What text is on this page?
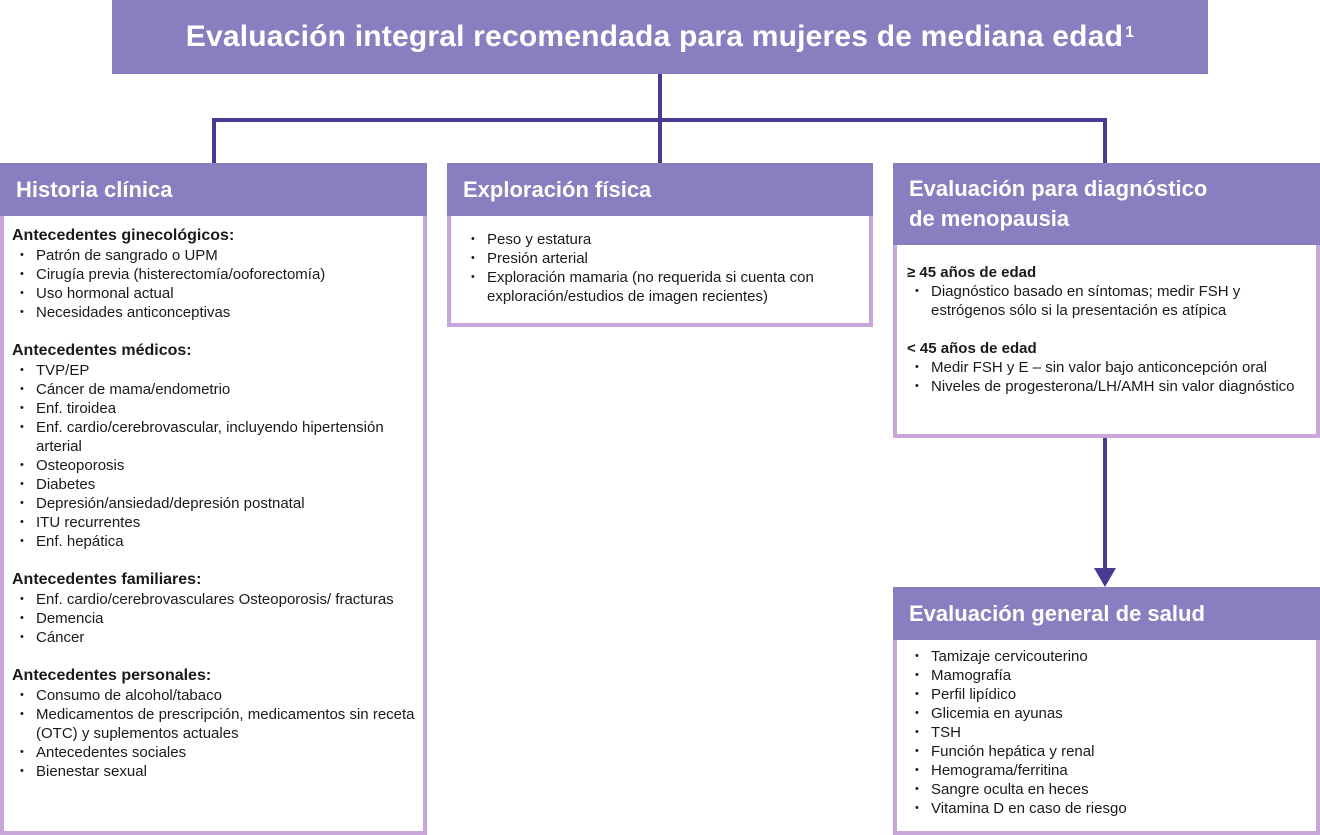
Evaluación integral recomendada para mujeres de mediana edad$^1$
Historia clínica
Antecedentes ginecológicos:
• Patrón de sangrado o UPM
• Cirugía previa (histerectomía/ooforectomía)
• Uso hormonal actual
• Necesidades anticonceptivas
Antecedentes médicos:
• TVP/EP
• Cáncer de mama/endometrio
• Enf. tiroidea
• Enf. cardio/cerebrovascular, incluyendo hipertensión arterial
• Osteoporosis
• Diabetes
• Depresión/ansiedad/depresión postnatal
• ITU recurrentes
• Enf. hepática
Antecedentes familiares:
• Enf. cardio/cerebrovasculares Osteoporosis/ fracturas
• Demencia
• Cáncer
Antecedentes personales:
• Consumo de alcohol/tabaco
• Medicamentos de prescripción, medicamentos sin receta (OTC) y suplementos actuales
• Antecedentes sociales
• Bienestar sexual
Exploración física
• Peso y estatura
• Presión arterial
• Exploración mamaria (no requerida si cuenta con exploración/estudios de imagen recientes)
Evaluación para diagnóstico
de menopausia
≥ 45 años de edad
• Diagnóstico basado en síntomas; medir FSH y estrógenos sólo si la presentación es atípica
< 45 años de edad
• Medir FSH y E – sin valor bajo anticoncepción oral
• Niveles de progesterona/LH/AMH sin valor diagnóstico
Evaluación general de salud
• Tamizaje cervicouterino
• Mamografía
• Perfil lipídico
• Glicemia en ayunas
• TSH
• Función hepática y renal
• Hemograma/ferritina
• Sangre oculta en heces
• Vitamina D en caso de riesgo
